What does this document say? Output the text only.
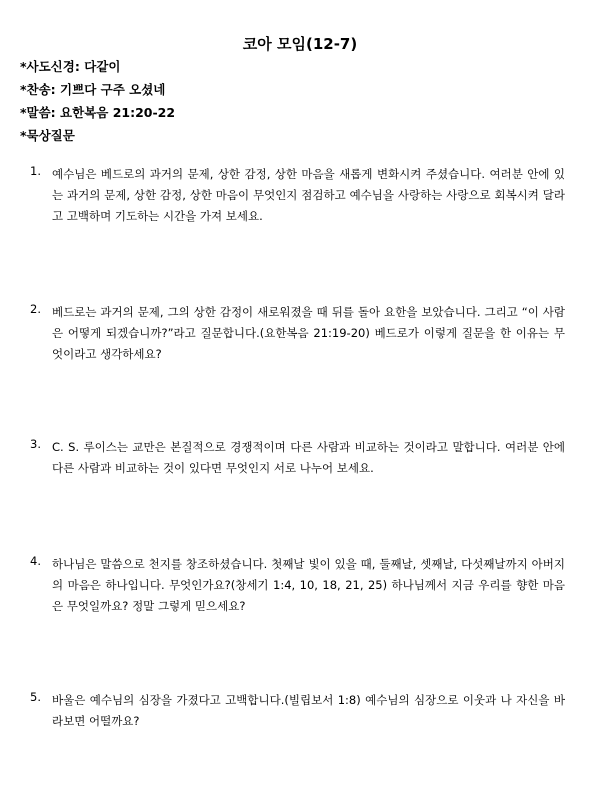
코아 모임(12-7)
*사도신경: 다같이
*찬송: 기쁘다 구주 오셨네
*말씀: 요한복음 21:20-22
*묵상질문
1. 예수님은 베드로의 과거의 문제, 상한 감정, 상한 마음을 새롭게 변화시켜 주셨습니다. 여러분 안에 있는 과거의 문제, 상한 감정, 상한 마음이 무엇인지 점검하고 예수님을 사랑하는 사랑으로 회복시켜 달라고 고백하며 기도하는 시간을 가져 보세요.
2. 베드로는 과거의 문제, 그의 상한 감정이 새로워졌을 때 뒤를 돌아 요한을 보았습니다. 그리고 “이 사람은 어떻게 되겠습니까?”라고 질문합니다.(요한복음 21:19-20) 베드로가 이렇게 질문을 한 이유는 무엇이라고 생각하세요?
3. C. S. 루이스는 교만은 본질적으로 경쟁적이며 다른 사람과 비교하는 것이라고 말합니다. 여러분 안에 다른 사람과 비교하는 것이 있다면 무엇인지 서로 나누어 보세요.
4. 하나님은 말씀으로 천지를 창조하셨습니다. 첫째날 빛이 있을 때, 둘째날, 셋째날, 다섯째날까지 아버지의 마음은 하나입니다. 무엇인가요?(창세기 1:4, 10, 18, 21, 25) 하나님께서 지금 우리를 향한 마음은 무엇일까요? 정말 그렇게 믿으세요?
5. 바울은 예수님의 심장을 가졌다고 고백합니다.(빌립보서 1:8) 예수님의 심장으로 이웃과 나 자신을 바라보면 어떨까요?
